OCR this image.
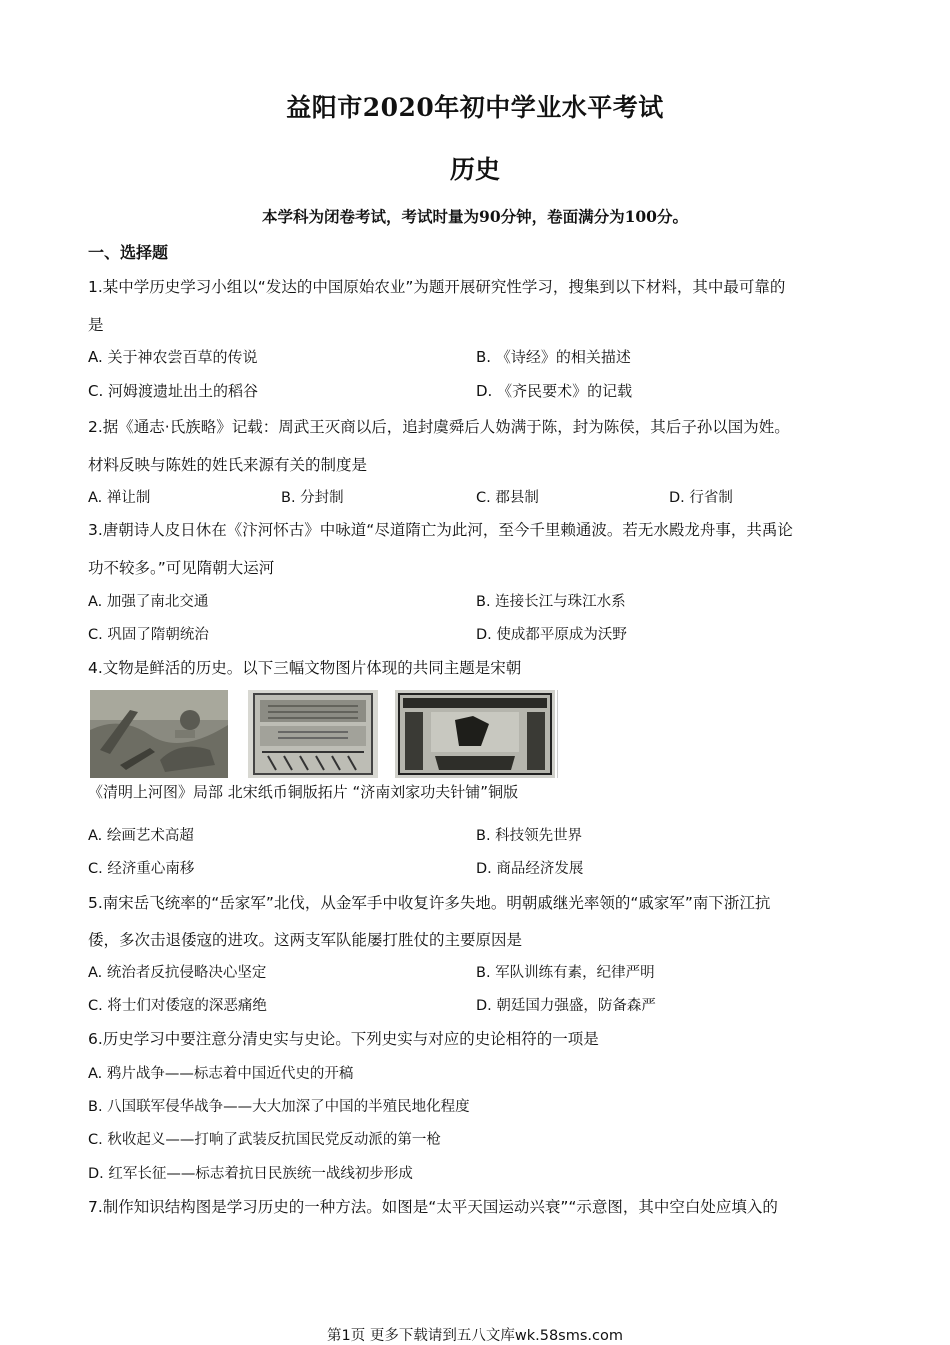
益阳市2020年初中学业水平考试
历史
本学科为闭卷考试，考试时量为90分钟，卷面满分为100分。
一、选择题
1.某中学历史学习小组以“发达的中国原始农业”为题开展研究性学习，搜集到以下材料，其中最可靠的
是
A. 关于神农尝百草的传说	B. 《诗经》的相关描述
C. 河姆渡遗址出土的稻谷	D. 《齐民要术》的记载
2.据《通志·氏族略》记载：周武王灭商以后，追封虞舜后人妫满于陈，封为陈侯，其后子孙以国为姓。
材料反映与陈姓的姓氏来源有关的制度是
A. 禅让制	B. 分封制	C. 郡县制	D. 行省制
3.唐朝诗人皮日休在《汴河怀古》中咏道“尽道隋亡为此河，至今千里赖通波。若无水殿龙舟事，共禹论
功不较多。”可见隋朝大运河
A. 加强了南北交通	B. 连接长江与珠江水系
C. 巩固了隋朝统治	D. 使成都平原成为沃野
4.文物是鲜活的历史。以下三幅文物图片体现的共同主题是宋朝
《清明上河图》局部 北宋纸币铜版拓片 “济南刘家功夫针铺”铜版
A. 绘画艺术高超	B. 科技领先世界
C. 经济重心南移	D. 商品经济发展
5.南宋岳飞统率的“岳家军”北伐，从金军手中收复许多失地。明朝戚继光率领的“戚家军”南下浙江抗
倭，多次击退倭寇的进攻。这两支军队能屡打胜仗的主要原因是
A. 统治者反抗侵略决心坚定	B. 军队训练有素，纪律严明
C. 将士们对倭寇的深恶痛绝	D. 朝廷国力强盛，防备森严
6.历史学习中要注意分清史实与史论。下列史实与对应的史论相符的一项是
A. 鸦片战争——标志着中国近代史的开稿
B. 八国联军侵华战争——大大加深了中国的半殖民地化程度
C. 秋收起义——打响了武装反抗国民党反动派的第一枪
D. 红军长征——标志着抗日民族统一战线初步形成
7.制作知识结构图是学习历史的一种方法。如图是“太平天国运动兴衰”“示意图，其中空白处应填入的
第1页 更多下载请到五八文库wk.58sms.com
